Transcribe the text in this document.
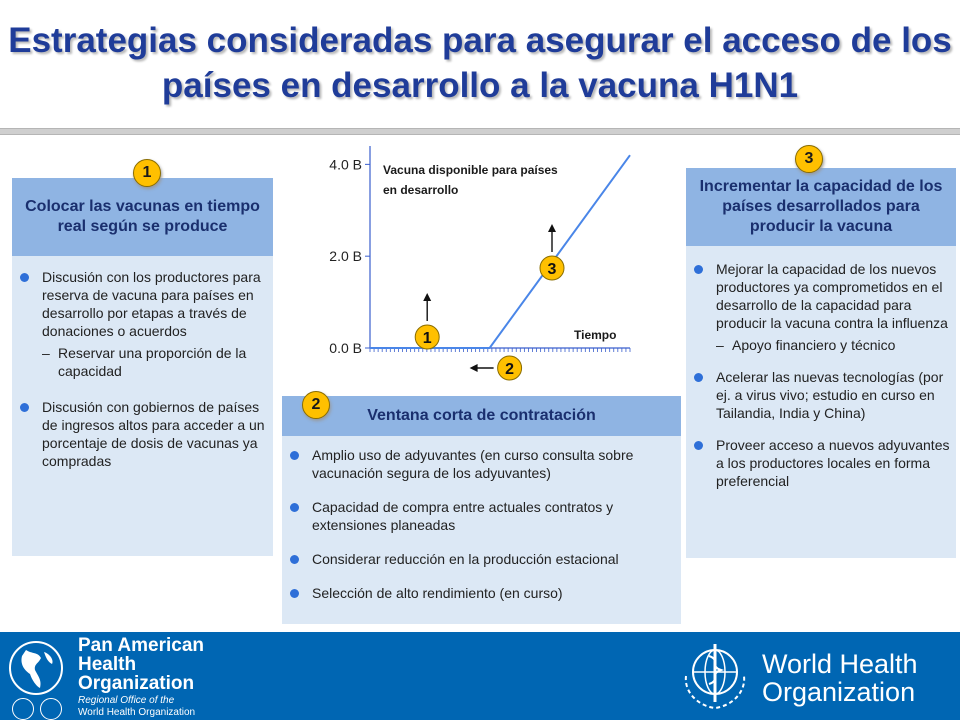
Estrategias consideradas para asegurar el acceso de los países en desarrollo a la vacuna H1N1
Colocar las vacunas en tiempo real según se produce
Discusión con los productores para reserva de vacuna para países en desarrollo por etapas a través de donaciones o acuerdos
– Reservar una proporción de la capacidad
Discusión con gobiernos de países de ingresos altos para acceder a un porcentaje de dosis de vacunas ya compradas
1
Ventana corta de contratación
Amplio uso de adyuvantes (en curso consulta sobre vacunación segura de los adyuvantes)
Capacidad de compra entre actuales contratos y extensiones planeadas
Considerar reducción en la producción estacional
Selección de alto rendimiento (en curso)
2
Incrementar la capacidad de los países desarrollados para producir la vacuna
Mejorar la capacidad de los nuevos productores ya comprometidos en el desarrollo de la capacidad para producir la vacuna contra la influenza
– Apoyo financiero y técnico
Acelerar las nuevas tecnologías (por ej. a virus vivo; estudio en curso en Tailandia, India y China)
Proveer acceso a nuevos adyuvantes a los productores locales en forma preferencial
3
0.0 B
2.0 B
4.0 B
1
2
3
Vacuna disponible para países en desarrollo
Tiempo
Pan American
Health
Organization
Regional Office of the
World Health Organization
World Health
Organization
